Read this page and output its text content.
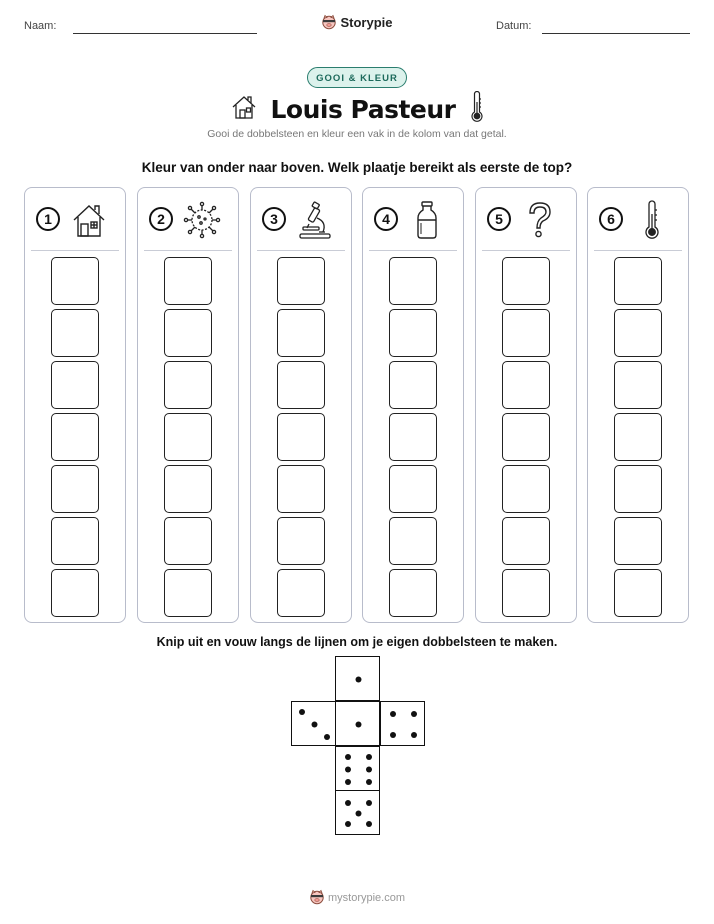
Naam:	Datum:
Storypie
GOOI & KLEUR
Louis Pasteur
Gooi de dobbelsteen en kleur een vak in de kolom van dat getal.
Kleur van onder naar boven. Welk plaatje bereikt als eerste de top?
1	2	3	4	5	6
Knip uit en vouw langs de lijnen om je eigen dobbelsteen te maken.
mystorypie.com
